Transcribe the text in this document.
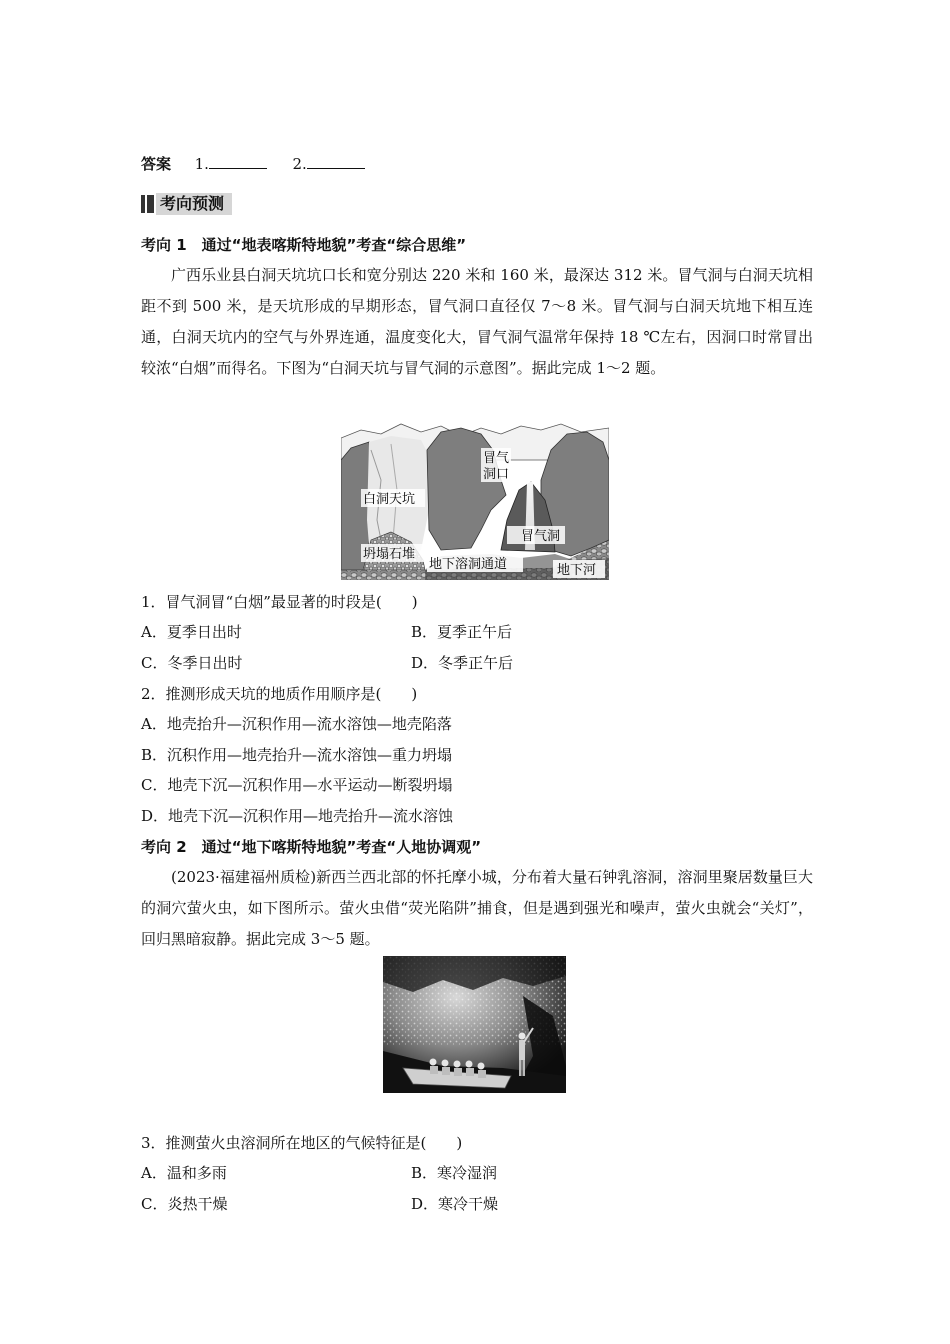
答案 1.	2.
考向预测
考向 1　通过“地表喀斯特地貌”考查“综合思维”
广西乐业县白洞天坑坑口长和宽分别达 220 米和 160 米，最深达 312 米。冒气洞与白洞天坑相距不到 500 米，是天坑形成的早期形态，冒气洞口直径仅 7～8 米。冒气洞与白洞天坑地下相互连通，白洞天坑内的空气与外界连通，温度变化大，冒气洞气温常年保持 18 ℃左右，因洞口时常冒出较浓“白烟”而得名。下图为“白洞天坑与冒气洞的示意图”。据此完成 1～2 题。
冒气
洞口
白洞天坑
冒气洞
坍塌石堆
地下溶洞通道	地下河
1．冒气洞冒“白烟”最显著的时段是(　　)
A．夏季日出时	B．夏季正午后
C．冬季日出时	D．冬季正午后
2．推测形成天坑的地质作用顺序是(　　)
A．地壳抬升—沉积作用—流水溶蚀—地壳陷落
B．沉积作用—地壳抬升—流水溶蚀—重力坍塌
C．地壳下沉—沉积作用—水平运动—断裂坍塌
D．地壳下沉—沉积作用—地壳抬升—流水溶蚀
考向 2　通过“地下喀斯特地貌”考查“人地协调观”
(2023·福建福州质检)新西兰西北部的怀托摩小城，分布着大量石钟乳溶洞，溶洞里聚居数量巨大的洞穴萤火虫，如下图所示。萤火虫借“荧光陷阱”捕食，但是遇到强光和噪声，萤火虫就会“关灯”，回归黑暗寂静。据此完成 3～5 题。
3．推测萤火虫溶洞所在地区的气候特征是(　　)
A．温和多雨	B．寒冷湿润
C．炎热干燥	D．寒冷干燥
